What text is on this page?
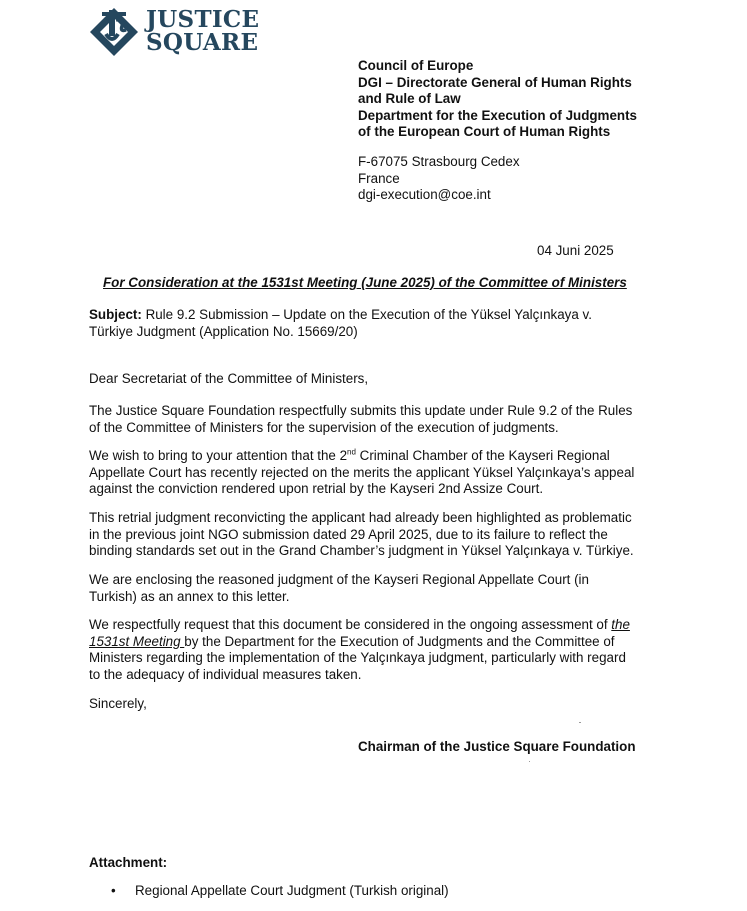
JUSTICE
SQUARE
Council of Europe
DGI – Directorate General of Human Rights
and Rule of Law
Department for the Execution of Judgments
of the European Court of Human Rights
F-67075 Strasbourg Cedex
France
dgi-execution@coe.int
04 Juni 2025
For Consideration at the 1531st Meeting (June 2025) of the Committee of Ministers
Subject: Rule 9.2 Submission – Update on the Execution of the Yüksel Yalçınkaya v.
Türkiye Judgment (Application No. 15669/20)
Dear Secretariat of the Committee of Ministers,
The Justice Square Foundation respectfully submits this update under Rule 9.2 of the Rules
of the Committee of Ministers for the supervision of the execution of judgments.
We wish to bring to your attention that the 2nd Criminal Chamber of the Kayseri Regional
Appellate Court has recently rejected on the merits the applicant Yüksel Yalçınkaya’s appeal
against the conviction rendered upon retrial by the Kayseri 2nd Assize Court.
This retrial judgment reconvicting the applicant had already been highlighted as problematic
in the previous joint NGO submission dated 29 April 2025, due to its failure to reflect the
binding standards set out in the Grand Chamber’s judgment in Yüksel Yalçınkaya v. Türkiye.
We are enclosing the reasoned judgment of the Kayseri Regional Appellate Court (in
Turkish) as an annex to this letter.
We respectfully request that this document be considered in the ongoing assessment of the
1531st Meeting by the Department for the Execution of Judgments and the Committee of
Ministers regarding the implementation of the Yalçınkaya judgment, particularly with regard
to the adequacy of individual measures taken.
Sincerely,
Chairman of the Justice Square Foundation
Attachment:
• Regional Appellate Court Judgment (Turkish original)
